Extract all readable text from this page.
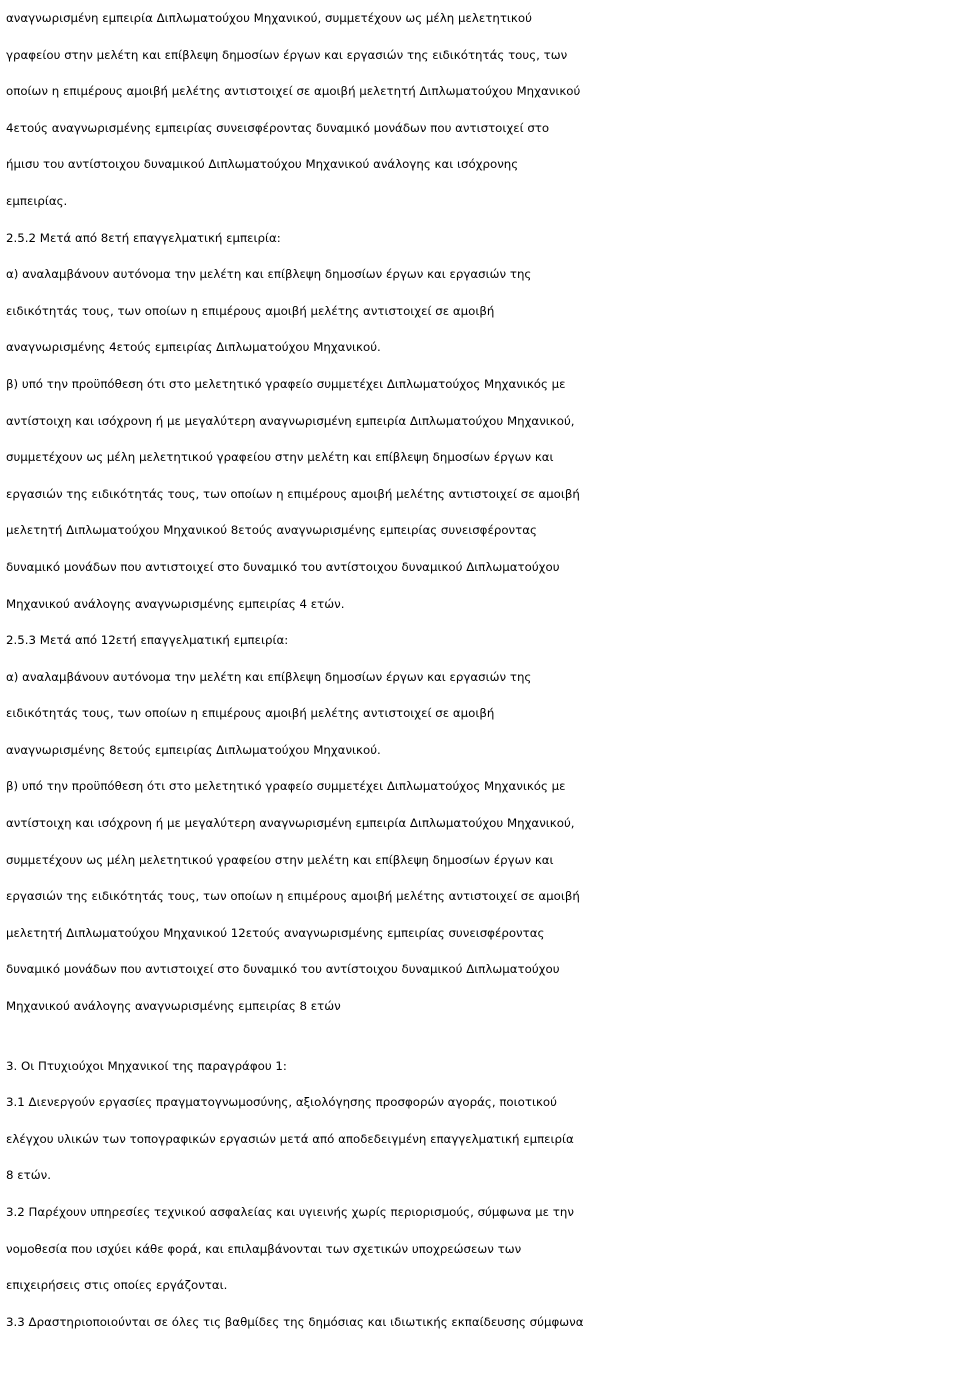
αναγνωρισμένη εμπειρία Διπλωματούχου Μηχανικού, συμμετέχουν ως μέλη μελετητικού
γραφείου στην μελέτη και επίβλεψη δημοσίων έργων και εργασιών της ειδικότητάς τους, των
οποίων η επιμέρους αμοιβή μελέτης αντιστοιχεί σε αμοιβή μελετητή Διπλωματούχου Μηχανικού
4ετούς αναγνωρισμένης εμπειρίας συνεισφέροντας δυναμικό μονάδων που αντιστοιχεί στο
ήμισυ του αντίστοιχου δυναμικού Διπλωματούχου Μηχανικού ανάλογης και ισόχρονης
εμπειρίας.
2.5.2 Μετά από 8ετή επαγγελματική εμπειρία:
α) αναλαμβάνουν αυτόνομα την μελέτη και επίβλεψη δημοσίων έργων και εργασιών της
ειδικότητάς τους, των οποίων η επιμέρους αμοιβή μελέτης αντιστοιχεί σε αμοιβή
αναγνωρισμένης 4ετούς εμπειρίας Διπλωματούχου Μηχανικού.
β) υπό την προϋπόθεση ότι στο μελετητικό γραφείο συμμετέχει Διπλωματούχος Μηχανικός με
αντίστοιχη και ισόχρονη ή με μεγαλύτερη αναγνωρισμένη εμπειρία Διπλωματούχου Μηχανικού,
συμμετέχουν ως μέλη μελετητικού γραφείου στην μελέτη και επίβλεψη δημοσίων έργων και
εργασιών της ειδικότητάς τους, των οποίων η επιμέρους αμοιβή μελέτης αντιστοιχεί σε αμοιβή
μελετητή Διπλωματούχου Μηχανικού 8ετούς αναγνωρισμένης εμπειρίας συνεισφέροντας
δυναμικό μονάδων που αντιστοιχεί στο δυναμικό του αντίστοιχου δυναμικού Διπλωματούχου
Μηχανικού ανάλογης αναγνωρισμένης εμπειρίας 4 ετών.
2.5.3 Μετά από 12ετή επαγγελματική εμπειρία:
α) αναλαμβάνουν αυτόνομα την μελέτη και επίβλεψη δημοσίων έργων και εργασιών της
ειδικότητάς τους, των οποίων η επιμέρους αμοιβή μελέτης αντιστοιχεί σε αμοιβή
αναγνωρισμένης 8ετούς εμπειρίας Διπλωματούχου Μηχανικού.
β) υπό την προϋπόθεση ότι στο μελετητικό γραφείο συμμετέχει Διπλωματούχος Μηχανικός με
αντίστοιχη και ισόχρονη ή με μεγαλύτερη αναγνωρισμένη εμπειρία Διπλωματούχου Μηχανικού,
συμμετέχουν ως μέλη μελετητικού γραφείου στην μελέτη και επίβλεψη δημοσίων έργων και
εργασιών της ειδικότητάς τους, των οποίων η επιμέρους αμοιβή μελέτης αντιστοιχεί σε αμοιβή
μελετητή Διπλωματούχου Μηχανικού 12ετούς αναγνωρισμένης εμπειρίας συνεισφέροντας
δυναμικό μονάδων που αντιστοιχεί στο δυναμικό του αντίστοιχου δυναμικού Διπλωματούχου
Μηχανικού ανάλογης αναγνωρισμένης εμπειρίας 8 ετών
3. Οι Πτυχιούχοι Μηχανικοί της παραγράφου 1:
3.1 Διενεργούν εργασίες πραγματογνωμοσύνης, αξιολόγησης προσφορών αγοράς, ποιοτικού
ελέγχου υλικών των τοπογραφικών εργασιών μετά από αποδεδειγμένη επαγγελματική εμπειρία
8 ετών.
3.2 Παρέχουν υπηρεσίες τεχνικού ασφαλείας και υγιεινής χωρίς περιορισμούς, σύμφωνα με την
νομοθεσία που ισχύει κάθε φορά, και επιλαμβάνονται των σχετικών υποχρεώσεων των
επιχειρήσεις στις οποίες εργάζονται.
3.3 Δραστηριοποιούνται σε όλες τις βαθμίδες της δημόσιας και ιδιωτικής εκπαίδευσης σύμφωνα
